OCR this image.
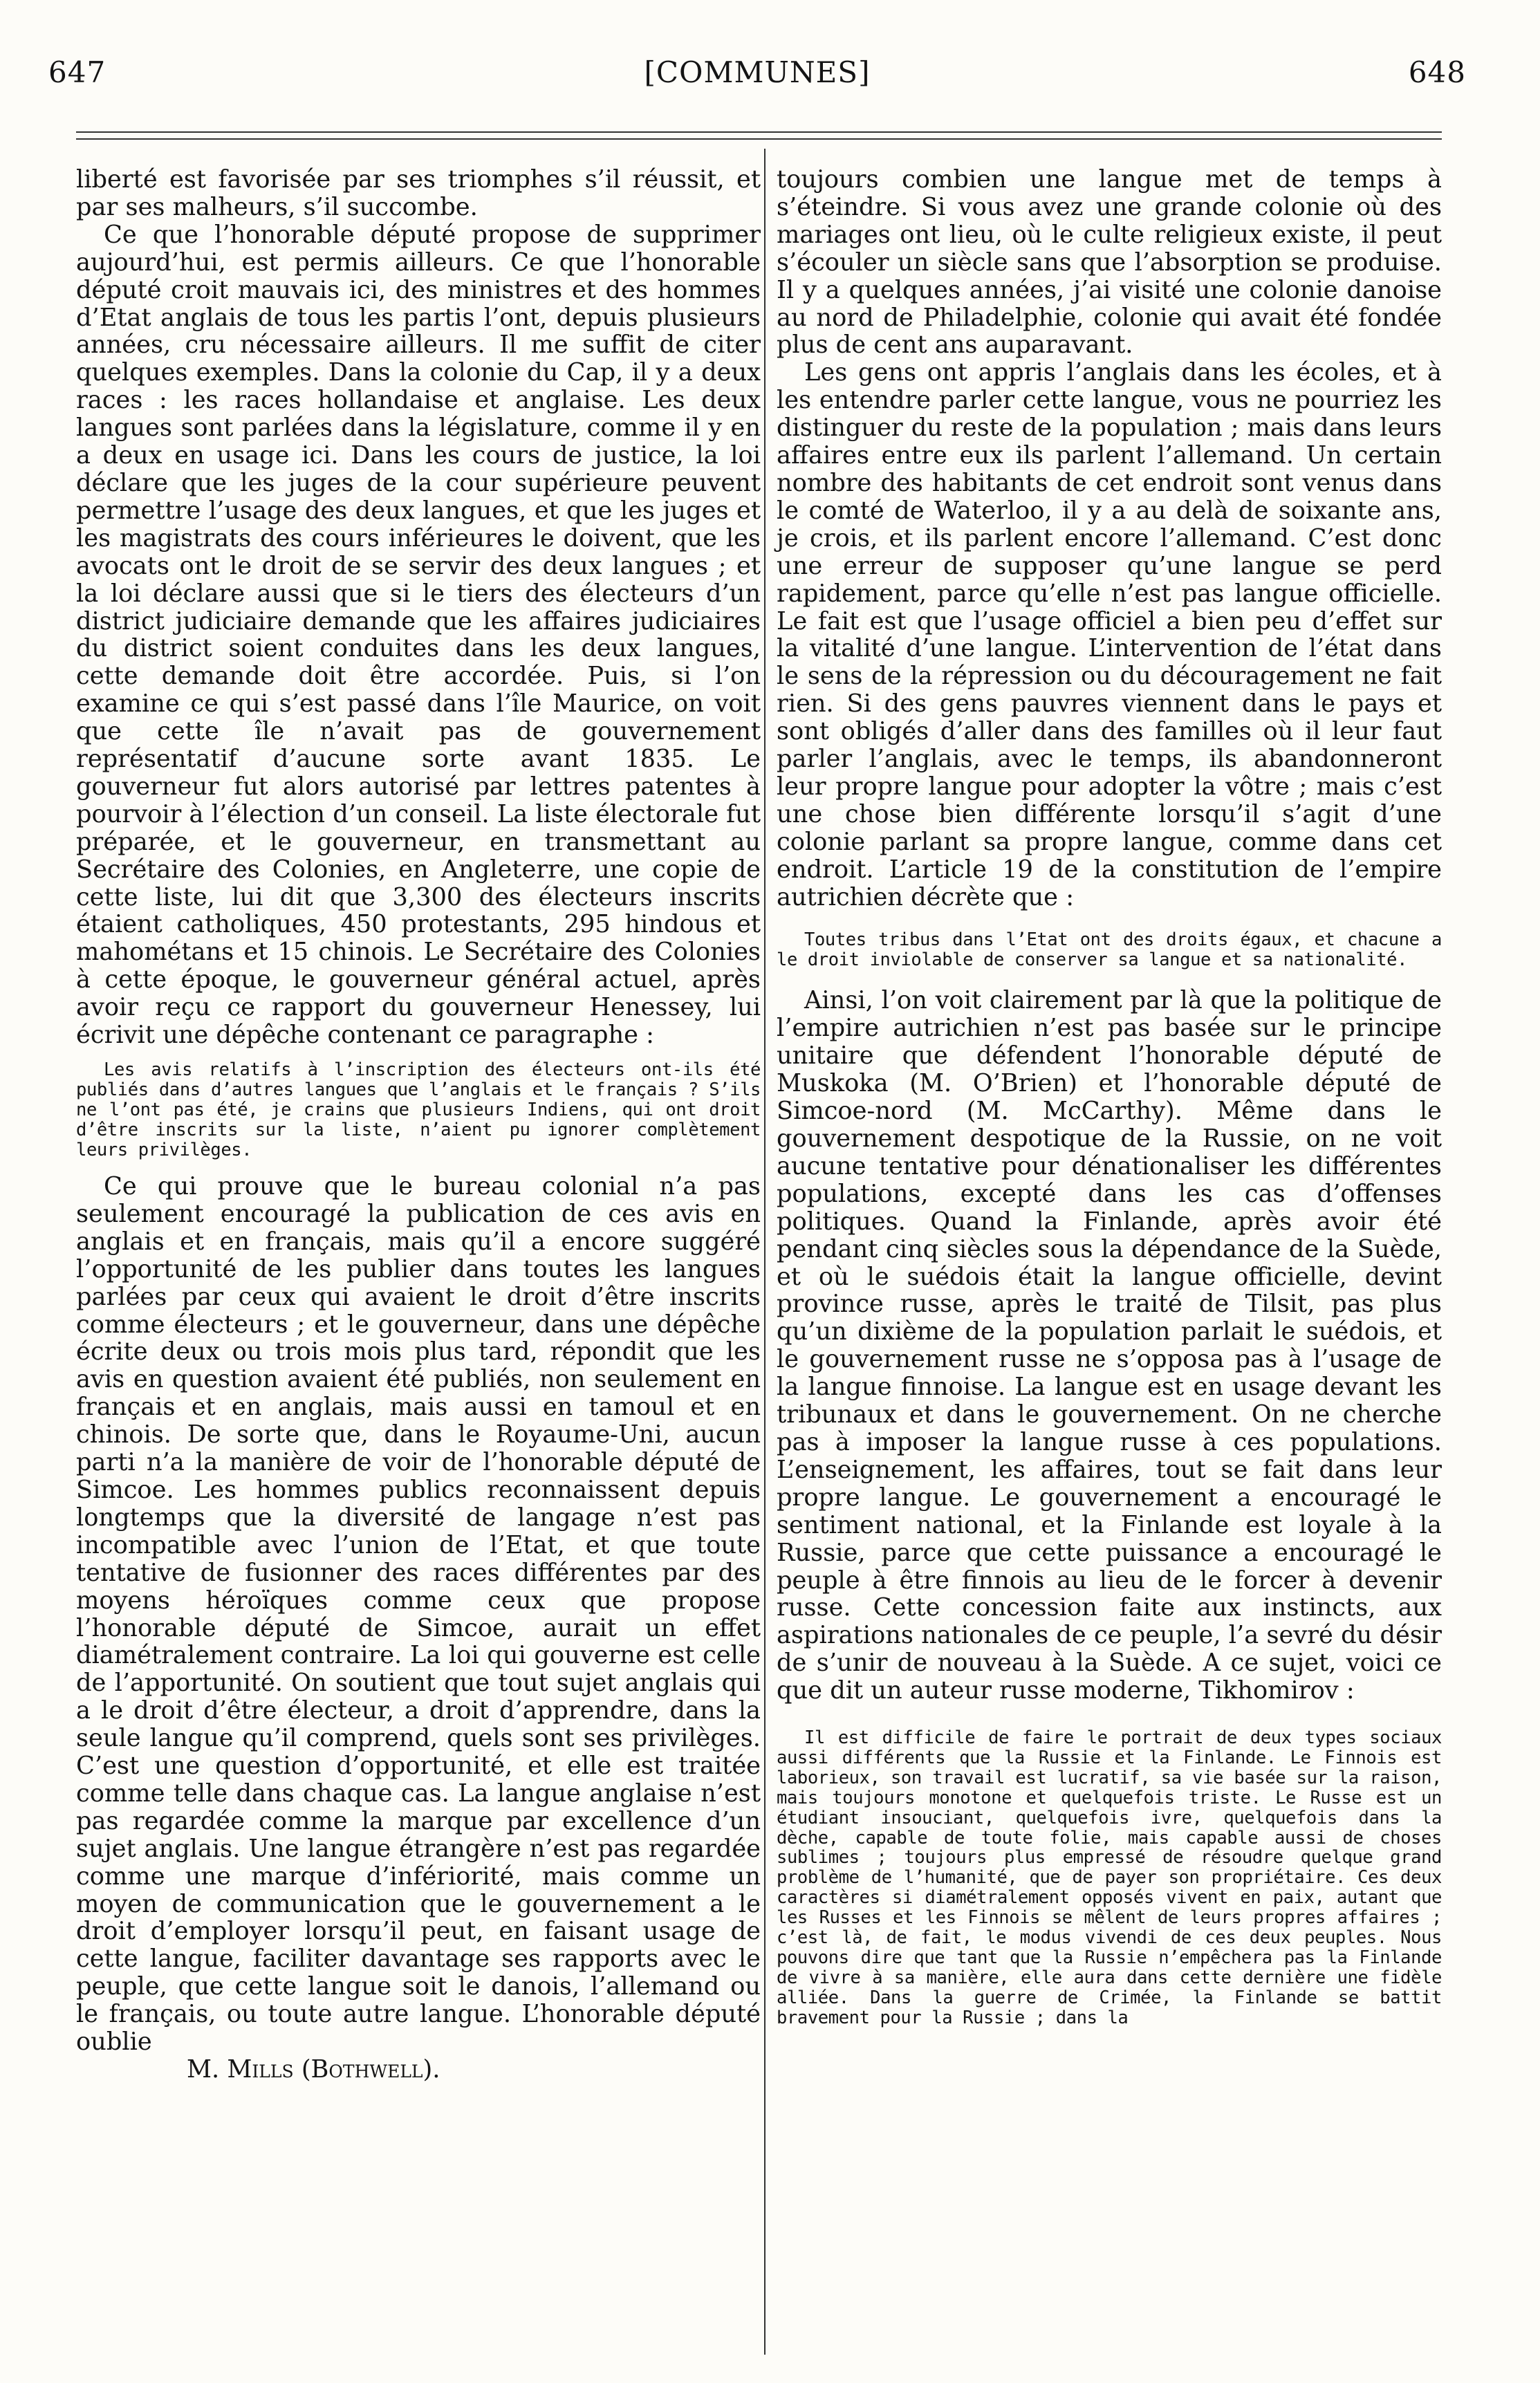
647	[COMMUNES]	648

liberté est favorisée par ses triomphes s’il réussit, et par ses malheurs, s’il succombe.

Ce que l’honorable député propose de supprimer aujourd’hui, est permis ailleurs. Ce que l’honorable député croit mauvais ici, des ministres et des hommes d’Etat anglais de tous les partis l’ont, depuis plusieurs années, cru nécessaire ailleurs. Il me suffit de citer quelques exemples. Dans la colonie du Cap, il y a deux races : les races hollandaise et anglaise. Les deux langues sont parlées dans la législature, comme il y en a deux en usage ici. Dans les cours de justice, la loi déclare que les juges de la cour supérieure peuvent permettre l’usage des deux langues, et que les juges et les magistrats des cours inférieures le doivent, que les avocats ont le droit de se servir des deux langues ; et la loi déclare aussi que si le tiers des électeurs d’un district judiciaire demande que les affaires judiciaires du district soient conduites dans les deux langues, cette demande doit être accordée. Puis, si l’on examine ce qui s’est passé dans l’île Maurice, on voit que cette île n’avait pas de gouvernement représentatif d’aucune sorte avant 1835. Le gouverneur fut alors autorisé par lettres patentes à pourvoir à l’élection d’un conseil. La liste électorale fut préparée, et le gouverneur, en transmettant au Secrétaire des Colonies, en Angleterre, une copie de cette liste, lui dit que 3,300 des électeurs inscrits étaient catholiques, 450 protestants, 295 hindous et mahométans et 15 chinois. Le Secrétaire des Colonies à cette époque, le gouverneur général actuel, après avoir reçu ce rapport du gouverneur Henessey, lui écrivit une dépêche contenant ce paragraphe :

Les avis relatifs à l’inscription des électeurs ont-ils été publiés dans d’autres langues que l’anglais et le français ? S’ils ne l’ont pas été, je crains que plusieurs Indiens, qui ont droit d’être inscrits sur la liste, n’aient pu ignorer complètement leurs privilèges.

Ce qui prouve que le bureau colonial n’a pas seulement encouragé la publication de ces avis en anglais et en français, mais qu’il a encore suggéré l’opportunité de les publier dans toutes les langues parlées par ceux qui avaient le droit d’être inscrits comme électeurs ; et le gouverneur, dans une dépêche écrite deux ou trois mois plus tard, répondit que les avis en question avaient été publiés, non seulement en français et en anglais, mais aussi en tamoul et en chinois. De sorte que, dans le Royaume-Uni, aucun parti n’a la manière de voir de l’honorable député de Simcoe. Les hommes publics reconnaissent depuis longtemps que la diversité de langage n’est pas incompatible avec l’union de l’Etat, et que toute tentative de fusionner des races différentes par des moyens héroïques comme ceux que propose l’honorable député de Simcoe, aurait un effet diamétralement contraire. La loi qui gouverne est celle de l’apportunité. On soutient que tout sujet anglais qui a le droit d’être électeur, a droit d’apprendre, dans la seule langue qu’il comprend, quels sont ses privilèges. C’est une question d’opportunité, et elle est traitée comme telle dans chaque cas. La langue anglaise n’est pas regardée comme la marque par excellence d’un sujet anglais. Une langue étrangère n’est pas regardée comme une marque d’infériorité, mais comme un moyen de communication que le gouvernement a le droit d’employer lorsqu’il peut, en faisant usage de cette langue, faciliter davantage ses rapports avec le peuple, que cette langue soit le danois, l’allemand ou le français, ou toute autre langue. L’honorable député oublie

M. Mills (Bothwell).

toujours combien une langue met de temps à s’éteindre. Si vous avez une grande colonie où des mariages ont lieu, où le culte religieux existe, il peut s’écouler un siècle sans que l’absorption se produise. Il y a quelques années, j’ai visité une colonie danoise au nord de Philadelphie, colonie qui avait été fondée plus de cent ans auparavant.

Les gens ont appris l’anglais dans les écoles, et à les entendre parler cette langue, vous ne pourriez les distinguer du reste de la population ; mais dans leurs affaires entre eux ils parlent l’allemand. Un certain nombre des habitants de cet endroit sont venus dans le comté de Waterloo, il y a au delà de soixante ans, je crois, et ils parlent encore l’allemand. C’est donc une erreur de supposer qu’une langue se perd rapidement, parce qu’elle n’est pas langue officielle. Le fait est que l’usage officiel a bien peu d’effet sur la vitalité d’une langue. L’intervention de l’état dans le sens de la répression ou du découragement ne fait rien. Si des gens pauvres viennent dans le pays et sont obligés d’aller dans des familles où il leur faut parler l’anglais, avec le temps, ils abandonneront leur propre langue pour adopter la vôtre ; mais c’est une chose bien différente lorsqu’il s’agit d’une colonie parlant sa propre langue, comme dans cet endroit. L’article 19 de la constitution de l’empire autrichien décrète que :

Toutes tribus dans l’Etat ont des droits égaux, et chacune a le droit inviolable de conserver sa langue et sa nationalité.

Ainsi, l’on voit clairement par là que la politique de l’empire autrichien n’est pas basée sur le principe unitaire que défendent l’honorable député de Muskoka (M. O’Brien) et l’honorable député de Simcoe-nord (M. McCarthy). Même dans le gouvernement despotique de la Russie, on ne voit aucune tentative pour dénationaliser les différentes populations, excepté dans les cas d’offenses politiques. Quand la Finlande, après avoir été pendant cinq siècles sous la dépendance de la Suède, et où le suédois était la langue officielle, devint province russe, après le traité de Tilsit, pas plus qu’un dixième de la population parlait le suédois, et le gouvernement russe ne s’opposa pas à l’usage de la langue finnoise. La langue est en usage devant les tribunaux et dans le gouvernement. On ne cherche pas à imposer la langue russe à ces populations. L’enseignement, les affaires, tout se fait dans leur propre langue. Le gouvernement a encouragé le sentiment national, et la Finlande est loyale à la Russie, parce que cette puissance a encouragé le peuple à être finnois au lieu de le forcer à devenir russe. Cette concession faite aux instincts, aux aspirations nationales de ce peuple, l’a sevré du désir de s’unir de nouveau à la Suède. A ce sujet, voici ce que dit un auteur russe moderne, Tikhomirov :

Il est difficile de faire le portrait de deux types sociaux aussi différents que la Russie et la Finlande. Le Finnois est laborieux, son travail est lucratif, sa vie basée sur la raison, mais toujours monotone et quelquefois triste. Le Russe est un étudiant insouciant, quelquefois ivre, quelquefois dans la dèche, capable de toute folie, mais capable aussi de choses sublimes ; toujours plus empressé de résoudre quelque grand problème de l’humanité, que de payer son propriétaire. Ces deux caractères si diamétralement opposés vivent en paix, autant que les Russes et les Finnois se mêlent de leurs propres affaires ; c’est là, de fait, le modus vivendi de ces deux peuples. Nous pouvons dire que tant que la Russie n’empêchera pas la Finlande de vivre à sa manière, elle aura dans cette dernière une fidèle alliée. Dans la guerre de Crimée, la Finlande se battit bravement pour la Russie ; dans la
